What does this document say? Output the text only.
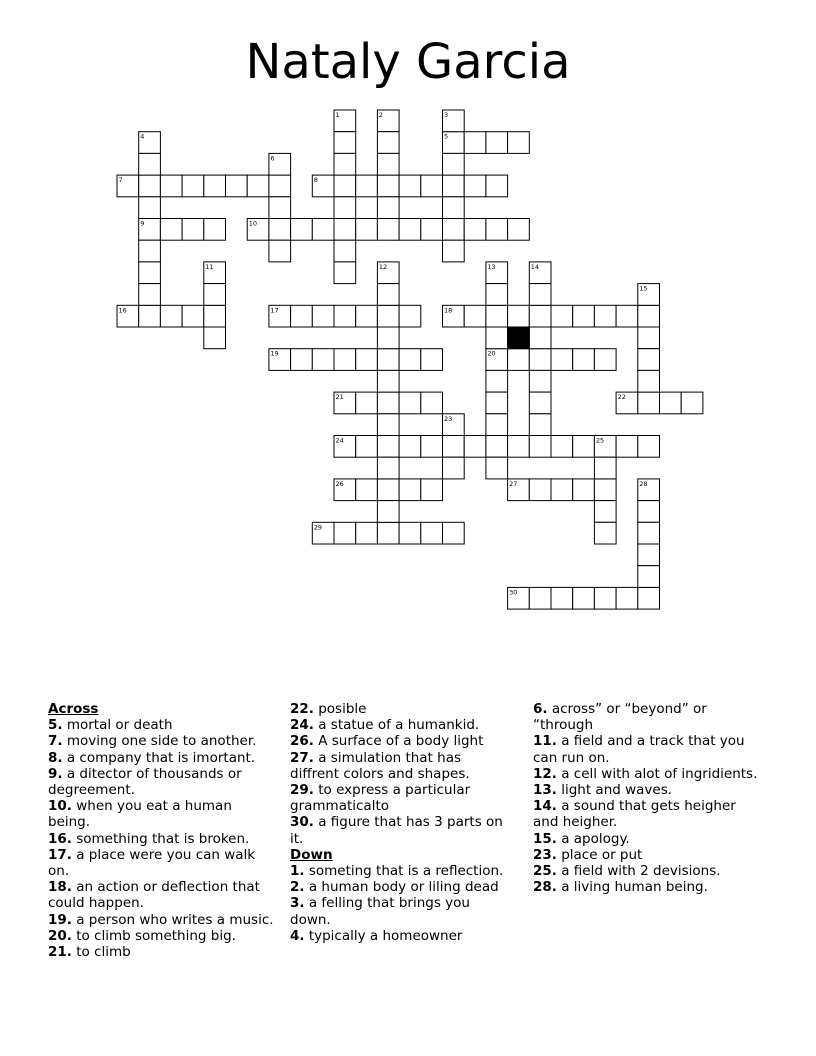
Nataly Garcia
5
7	8
9	10
16	17	18
19	20
21	22
24
26	27
29
30
1	2	3
4
6
11	12	13	14
15
23
25
28
Across
5. mortal or death
7. moving one side to another.
8. a company that is imortant.
9. a ditector of thousands or degreement.
10. when you eat a human being.
16. something that is broken.
17. a place were you can walk on.
18. an action or deflection that could happen.
19. a person who writes a music.
20. to climb something big.
21. to climb
22. posible
24. a statue of a humankid.
26. A surface of a body light
27. a simulation that has diffrent colors and shapes.
29. to express a particular grammaticalto
30. a figure that has 3 parts on it.
Down
1. someting that is a reflection.
2. a human body or liling dead
3. a felling that brings you down.
4. typically a homeowner
6. across” or “beyond” or “through
11. a field and a track that you can run on.
12. a cell with alot of ingridients.
13. light and waves.
14. a sound that gets heigher and heigher.
15. a apology.
23. place or put
25. a field with 2 devisions.
28. a living human being.
